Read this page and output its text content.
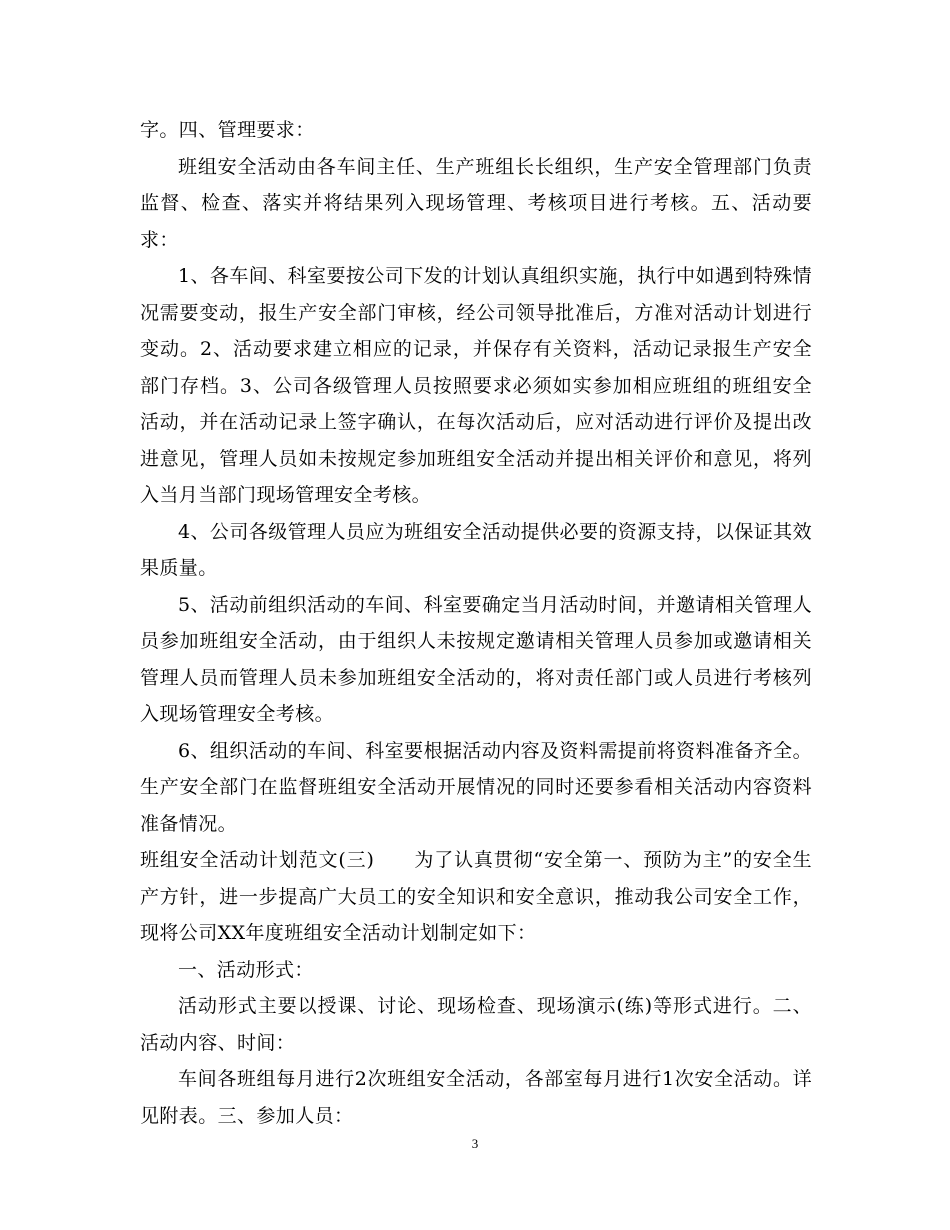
字。四、管理要求：

班组安全活动由各车间主任、生产班组长长组织，生产安全管理部门负责监督、检查、落实并将结果列入现场管理、考核项目进行考核。五、活动要求：

1、各车间、科室要按公司下发的计划认真组织实施，执行中如遇到特殊情况需要变动，报生产安全部门审核，经公司领导批准后，方准对活动计划进行变动。2、活动要求建立相应的记录，并保存有关资料，活动记录报生产安全部门存档。3、公司各级管理人员按照要求必须如实参加相应班组的班组安全活动，并在活动记录上签字确认，在每次活动后，应对活动进行评价及提出改进意见，管理人员如未按规定参加班组安全活动并提出相关评价和意见，将列入当月当部门现场管理安全考核。

4、公司各级管理人员应为班组安全活动提供必要的资源支持，以保证其效果质量。

5、活动前组织活动的车间、科室要确定当月活动时间，并邀请相关管理人员参加班组安全活动，由于组织人未按规定邀请相关管理人员参加或邀请相关管理人员而管理人员未参加班组安全活动的，将对责任部门或人员进行考核列入现场管理安全考核。

6、组织活动的车间、科室要根据活动内容及资料需提前将资料准备齐全。生产安全部门在监督班组安全活动开展情况的同时还要参看相关活动内容资料准备情况。

班组安全活动计划范文(三)　　为了认真贯彻“安全第一、预防为主”的安全生产方针，进一步提高广大员工的安全知识和安全意识，推动我公司安全工作，现将公司XX年度班组安全活动计划制定如下：

一、活动形式：

活动形式主要以授课、讨论、现场检查、现场演示(练)等形式进行。二、活动内容、时间：

车间各班组每月进行2次班组安全活动，各部室每月进行1次安全活动。详见附表。三、参加人员：

3
